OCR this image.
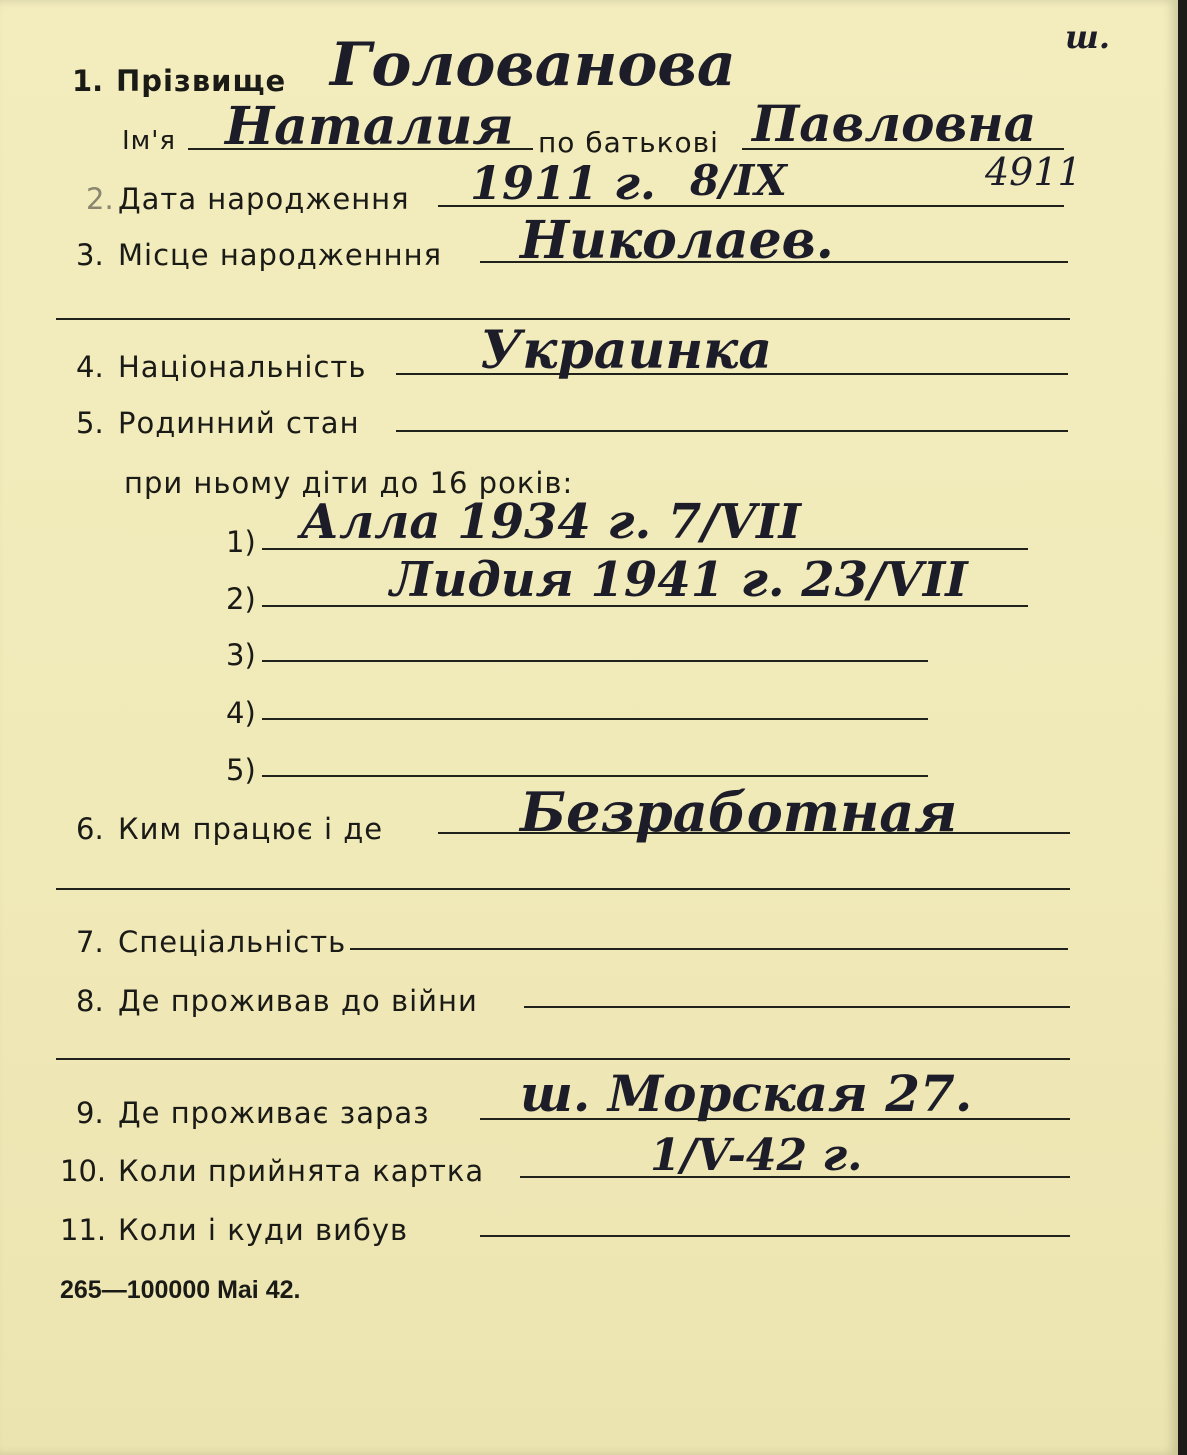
1. Прізвище Голованова	ш.
Ім'я Наталия по батькові Павловна
4911
2. Дата народження 1911 г. 8/IX
3. Місце народженння Николаев.
4. Національність Украинка
5. Родинний стан
при ньому діти до 16 років:
1) Алла 1934 г. 7/VII
2)	Лидия 1941 г. 23/VII
3)
4)
5)
6. Ким працює і де	Безработная
7. Спеціальність
8. Де проживав до війни
9. Де проживає зараз ш. Морская 27.
10. Коли прийнята картка	1/V-42 г.
11. Коли і куди вибув
265—100000 Mai 42.
